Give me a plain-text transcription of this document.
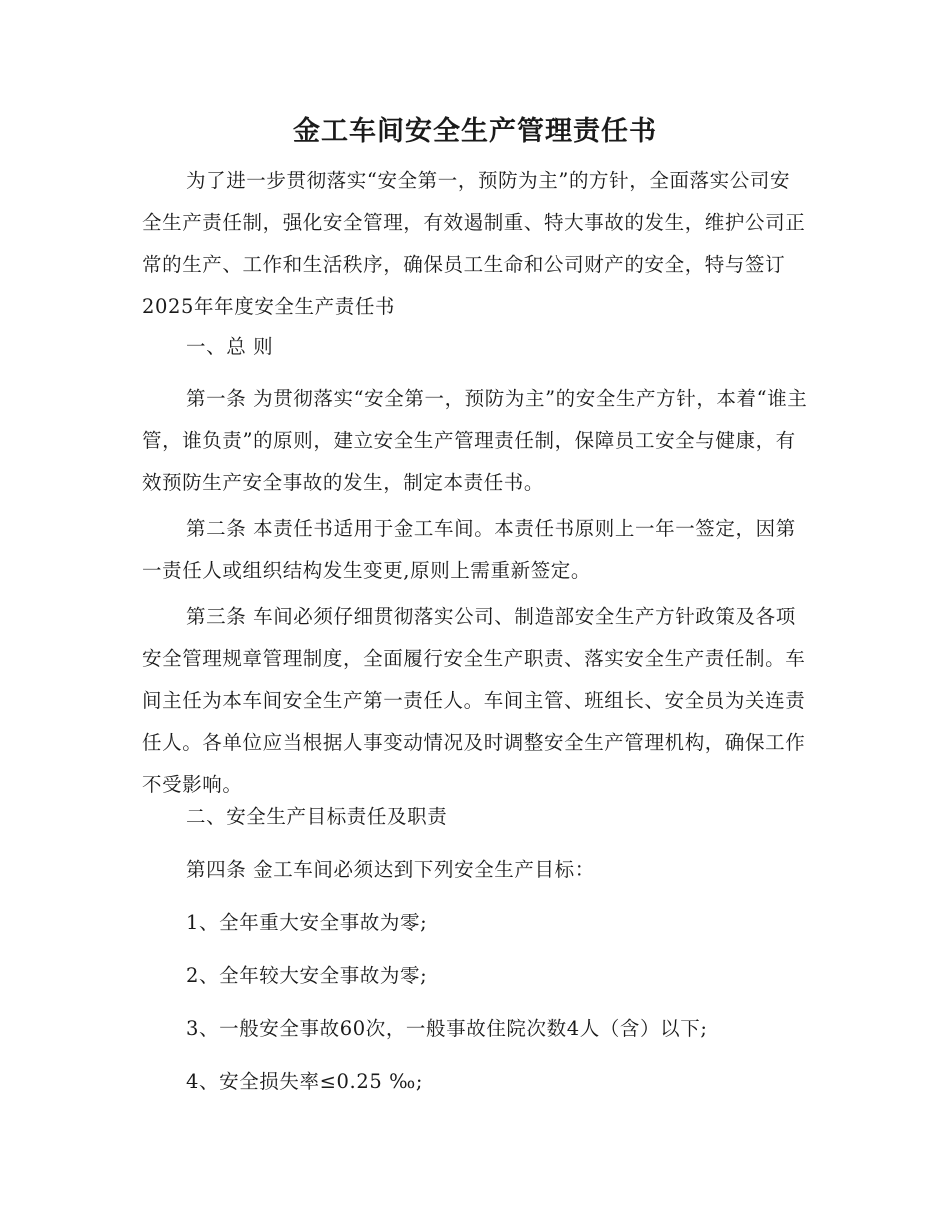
金工车间安全生产管理责任书

为了进一步贯彻落实“安全第一，预防为主”的方针，全面落实公司安全生产责任制，强化安全管理，有效遏制重、特大事故的发生，维护公司正常的生产、工作和生活秩序，确保员工生命和公司财产的安全，特与签订2025年年度安全生产责任书

一、总 则

第一条 为贯彻落实“安全第一，预防为主”的安全生产方针，本着“谁主管，谁负责”的原则，建立安全生产管理责任制，保障员工安全与健康，有效预防生产安全事故的发生，制定本责任书。

第二条 本责任书适用于金工车间。本责任书原则上一年一签定，因第一责任人或组织结构发生变更,原则上需重新签定。

第三条 车间必须仔细贯彻落实公司、制造部安全生产方针政策及各项安全管理规章管理制度，全面履行安全生产职责、落实安全生产责任制。车间主任为本车间安全生产第一责任人。车间主管、班组长、安全员为关连责任人。各单位应当根据人事变动情况及时调整安全生产管理机构，确保工作不受影响。

二、安全生产目标责任及职责

第四条 金工车间必须达到下列安全生产目标：

1、全年重大安全事故为零;

2、全年较大安全事故为零;

3、一般安全事故60次，一般事故住院次数4人（含）以下;

4、安全损失率≤0.25 ‰;
